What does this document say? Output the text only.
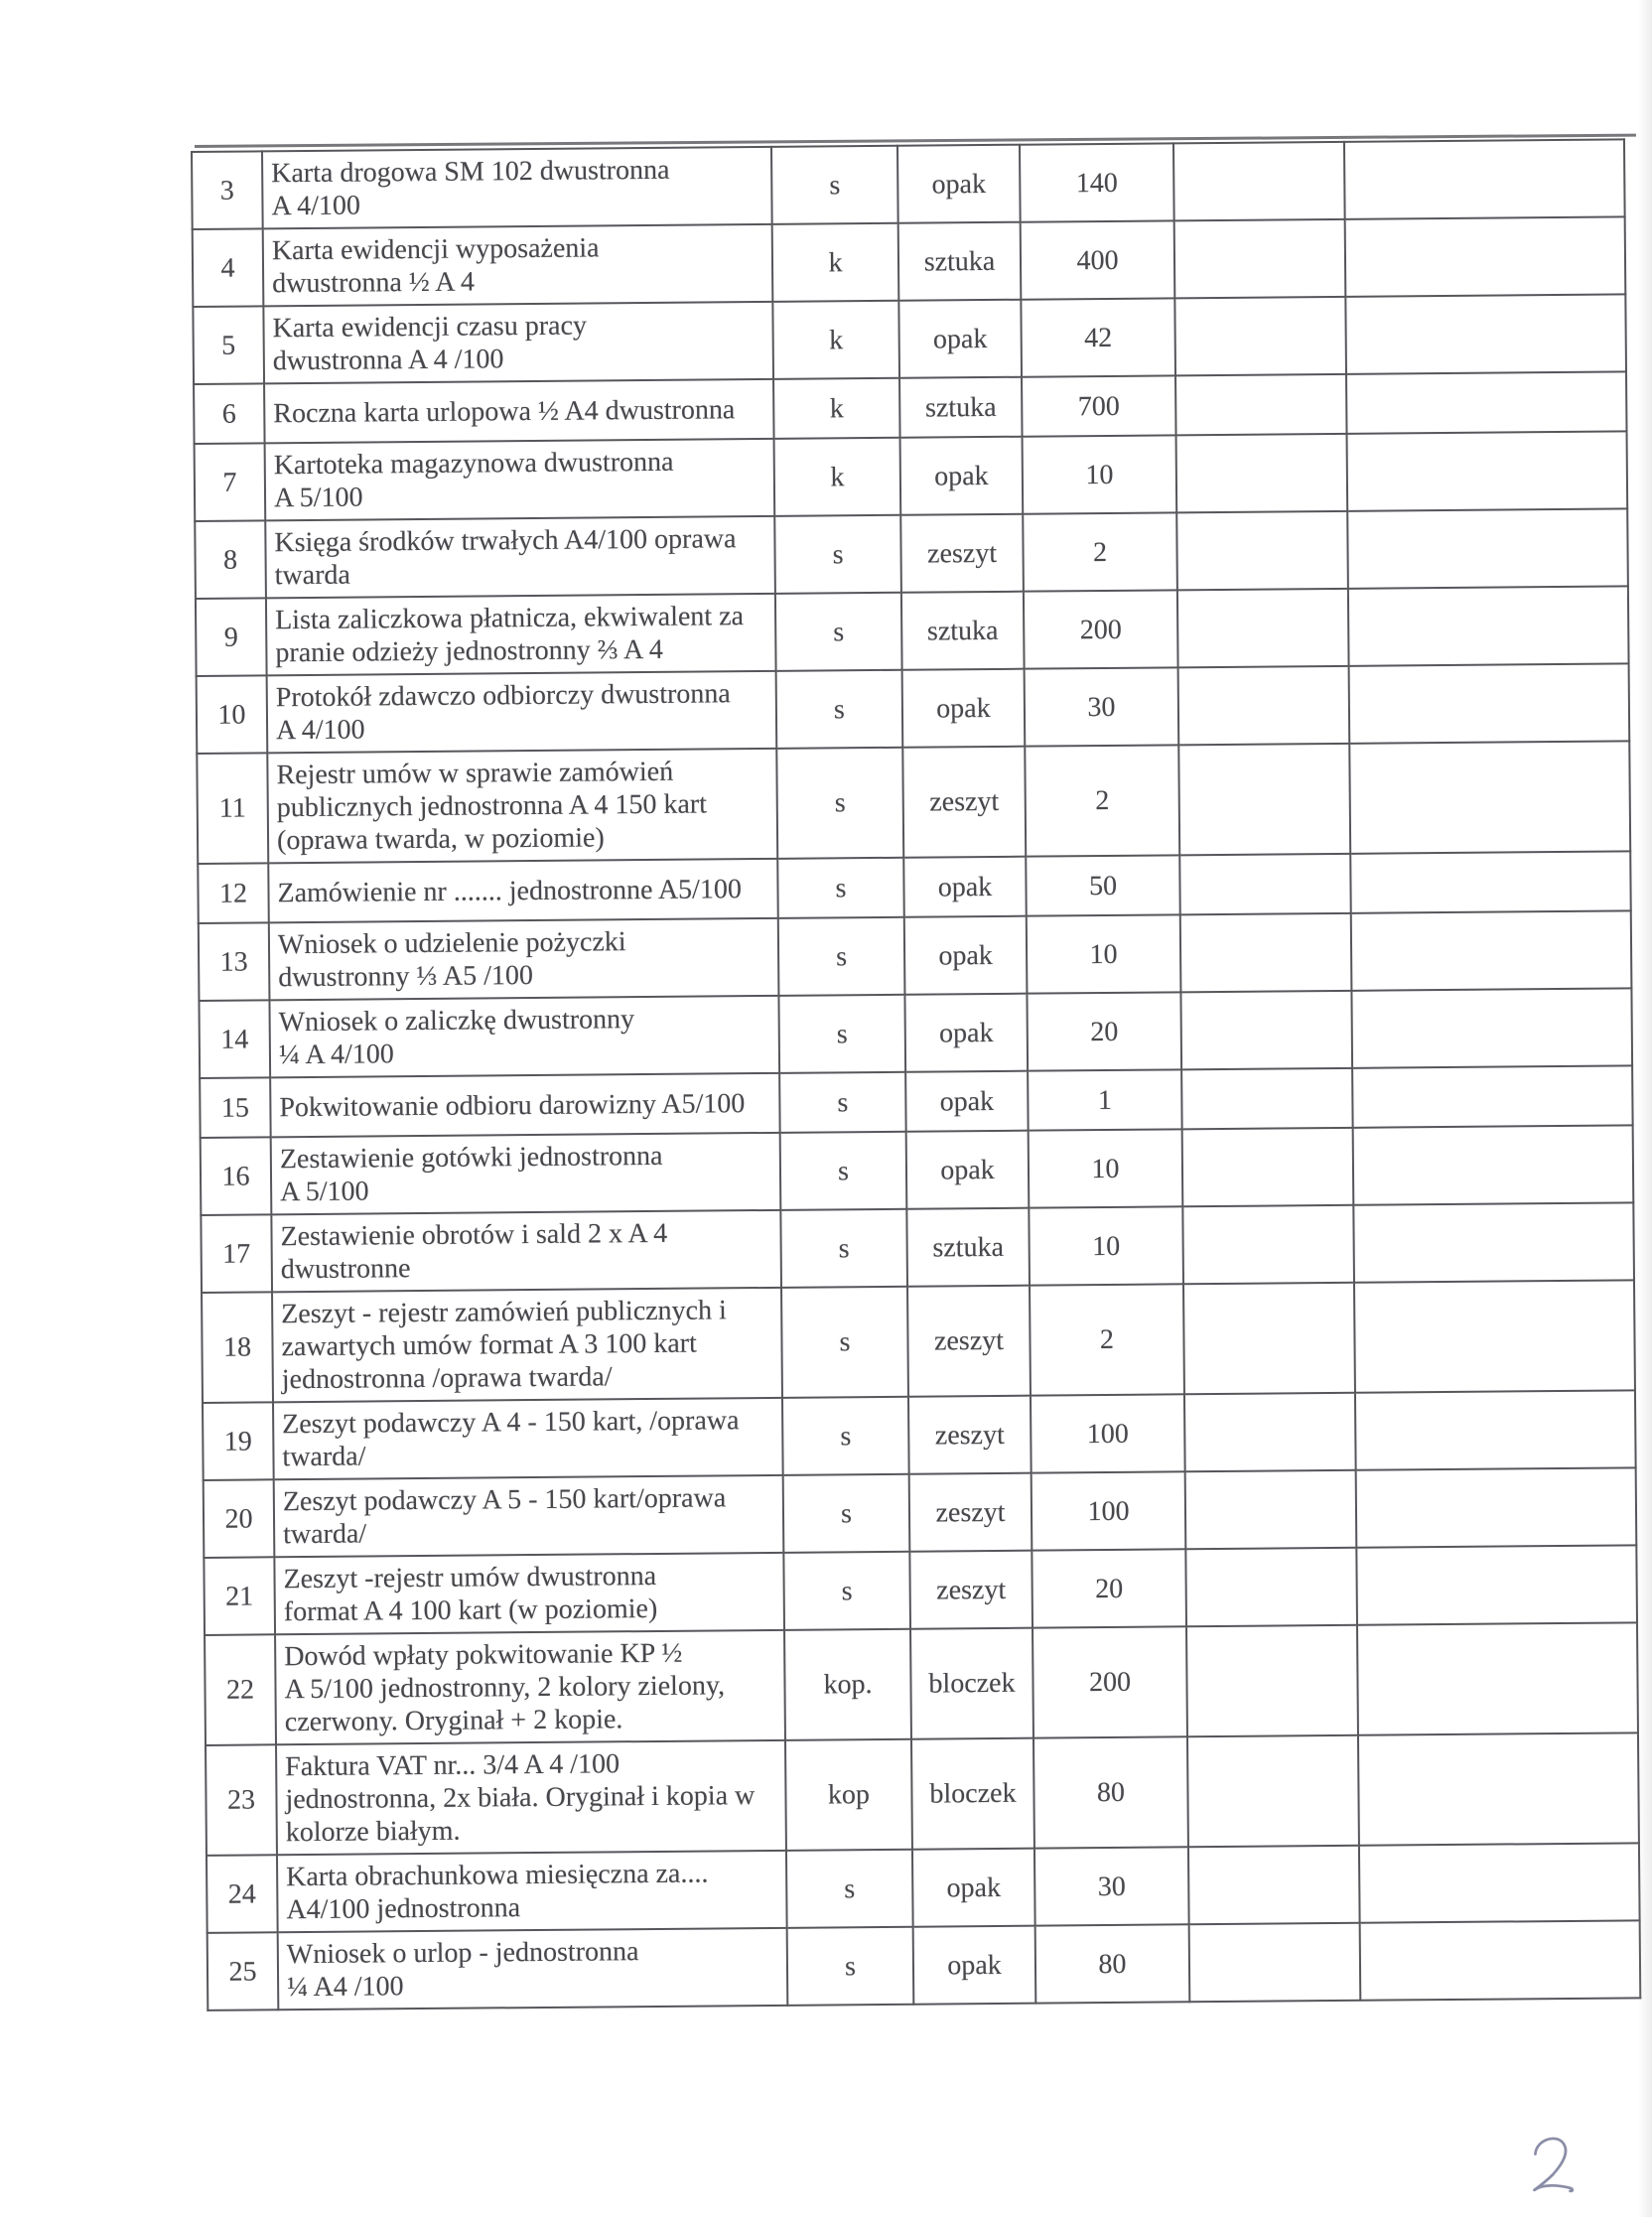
3	Karta drogowa SM 102 dwustronna
A 4/100	s	opak	140		
4	Karta ewidencji wyposażenia
dwustronna ½ A 4	k	sztuka	400		
5	Karta ewidencji czasu pracy
dwustronna A 4 /100	k	opak	42		
6	Roczna karta urlopowa ½ A4 dwustronna	k	sztuka	700		
7	Kartoteka magazynowa dwustronna
A 5/100	k	opak	10		
8	Księga środków trwałych A4/100 oprawa
twarda	s	zeszyt	2		
9	Lista zaliczkowa płatnicza, ekwiwalent za
pranie odzieży jednostronny ⅔ A 4	s	sztuka	200		
10	Protokół zdawczo odbiorczy dwustronna
A 4/100	s	opak	30		
11	Rejestr umów w sprawie zamówień
publicznych jednostronna A 4 150 kart
(oprawa twarda, w poziomie)	s	zeszyt	2		
12	Zamówienie nr ....... jednostronne A5/100	s	opak	50		
13	Wniosek o udzielenie pożyczki
dwustronny ⅓ A5 /100	s	opak	10		
14	Wniosek o zaliczkę dwustronny
¼ A 4/100	s	opak	20		
15	Pokwitowanie odbioru darowizny A5/100	s	opak	1		
16	Zestawienie gotówki jednostronna
A 5/100	s	opak	10		
17	Zestawienie obrotów i sald 2 x A 4
dwustronne	s	sztuka	10		
18	Zeszyt - rejestr zamówień publicznych i
zawartych umów format A 3 100 kart
jednostronna /oprawa twarda/	s	zeszyt	2		
19	Zeszyt podawczy A 4 - 150 kart, /oprawa
twarda/	s	zeszyt	100		
20	Zeszyt podawczy A 5 - 150 kart/oprawa
twarda/	s	zeszyt	100		
21	Zeszyt -rejestr umów dwustronna
format A 4 100 kart (w poziomie)	s	zeszyt	20		
22	Dowód wpłaty pokwitowanie KP ½
A 5/100 jednostronny, 2 kolory zielony,
czerwony. Oryginał + 2 kopie.	kop.	bloczek	200		
23	Faktura VAT nr... 3/4 A 4 /100
jednostronna, 2x biała. Oryginał i kopia w
kolorze białym.	kop	bloczek	80		
24	Karta obrachunkowa miesięczna za....
A4/100 jednostronna	s	opak	30		
25	Wniosek o urlop - jednostronna
¼ A4 /100	s	opak	80		
